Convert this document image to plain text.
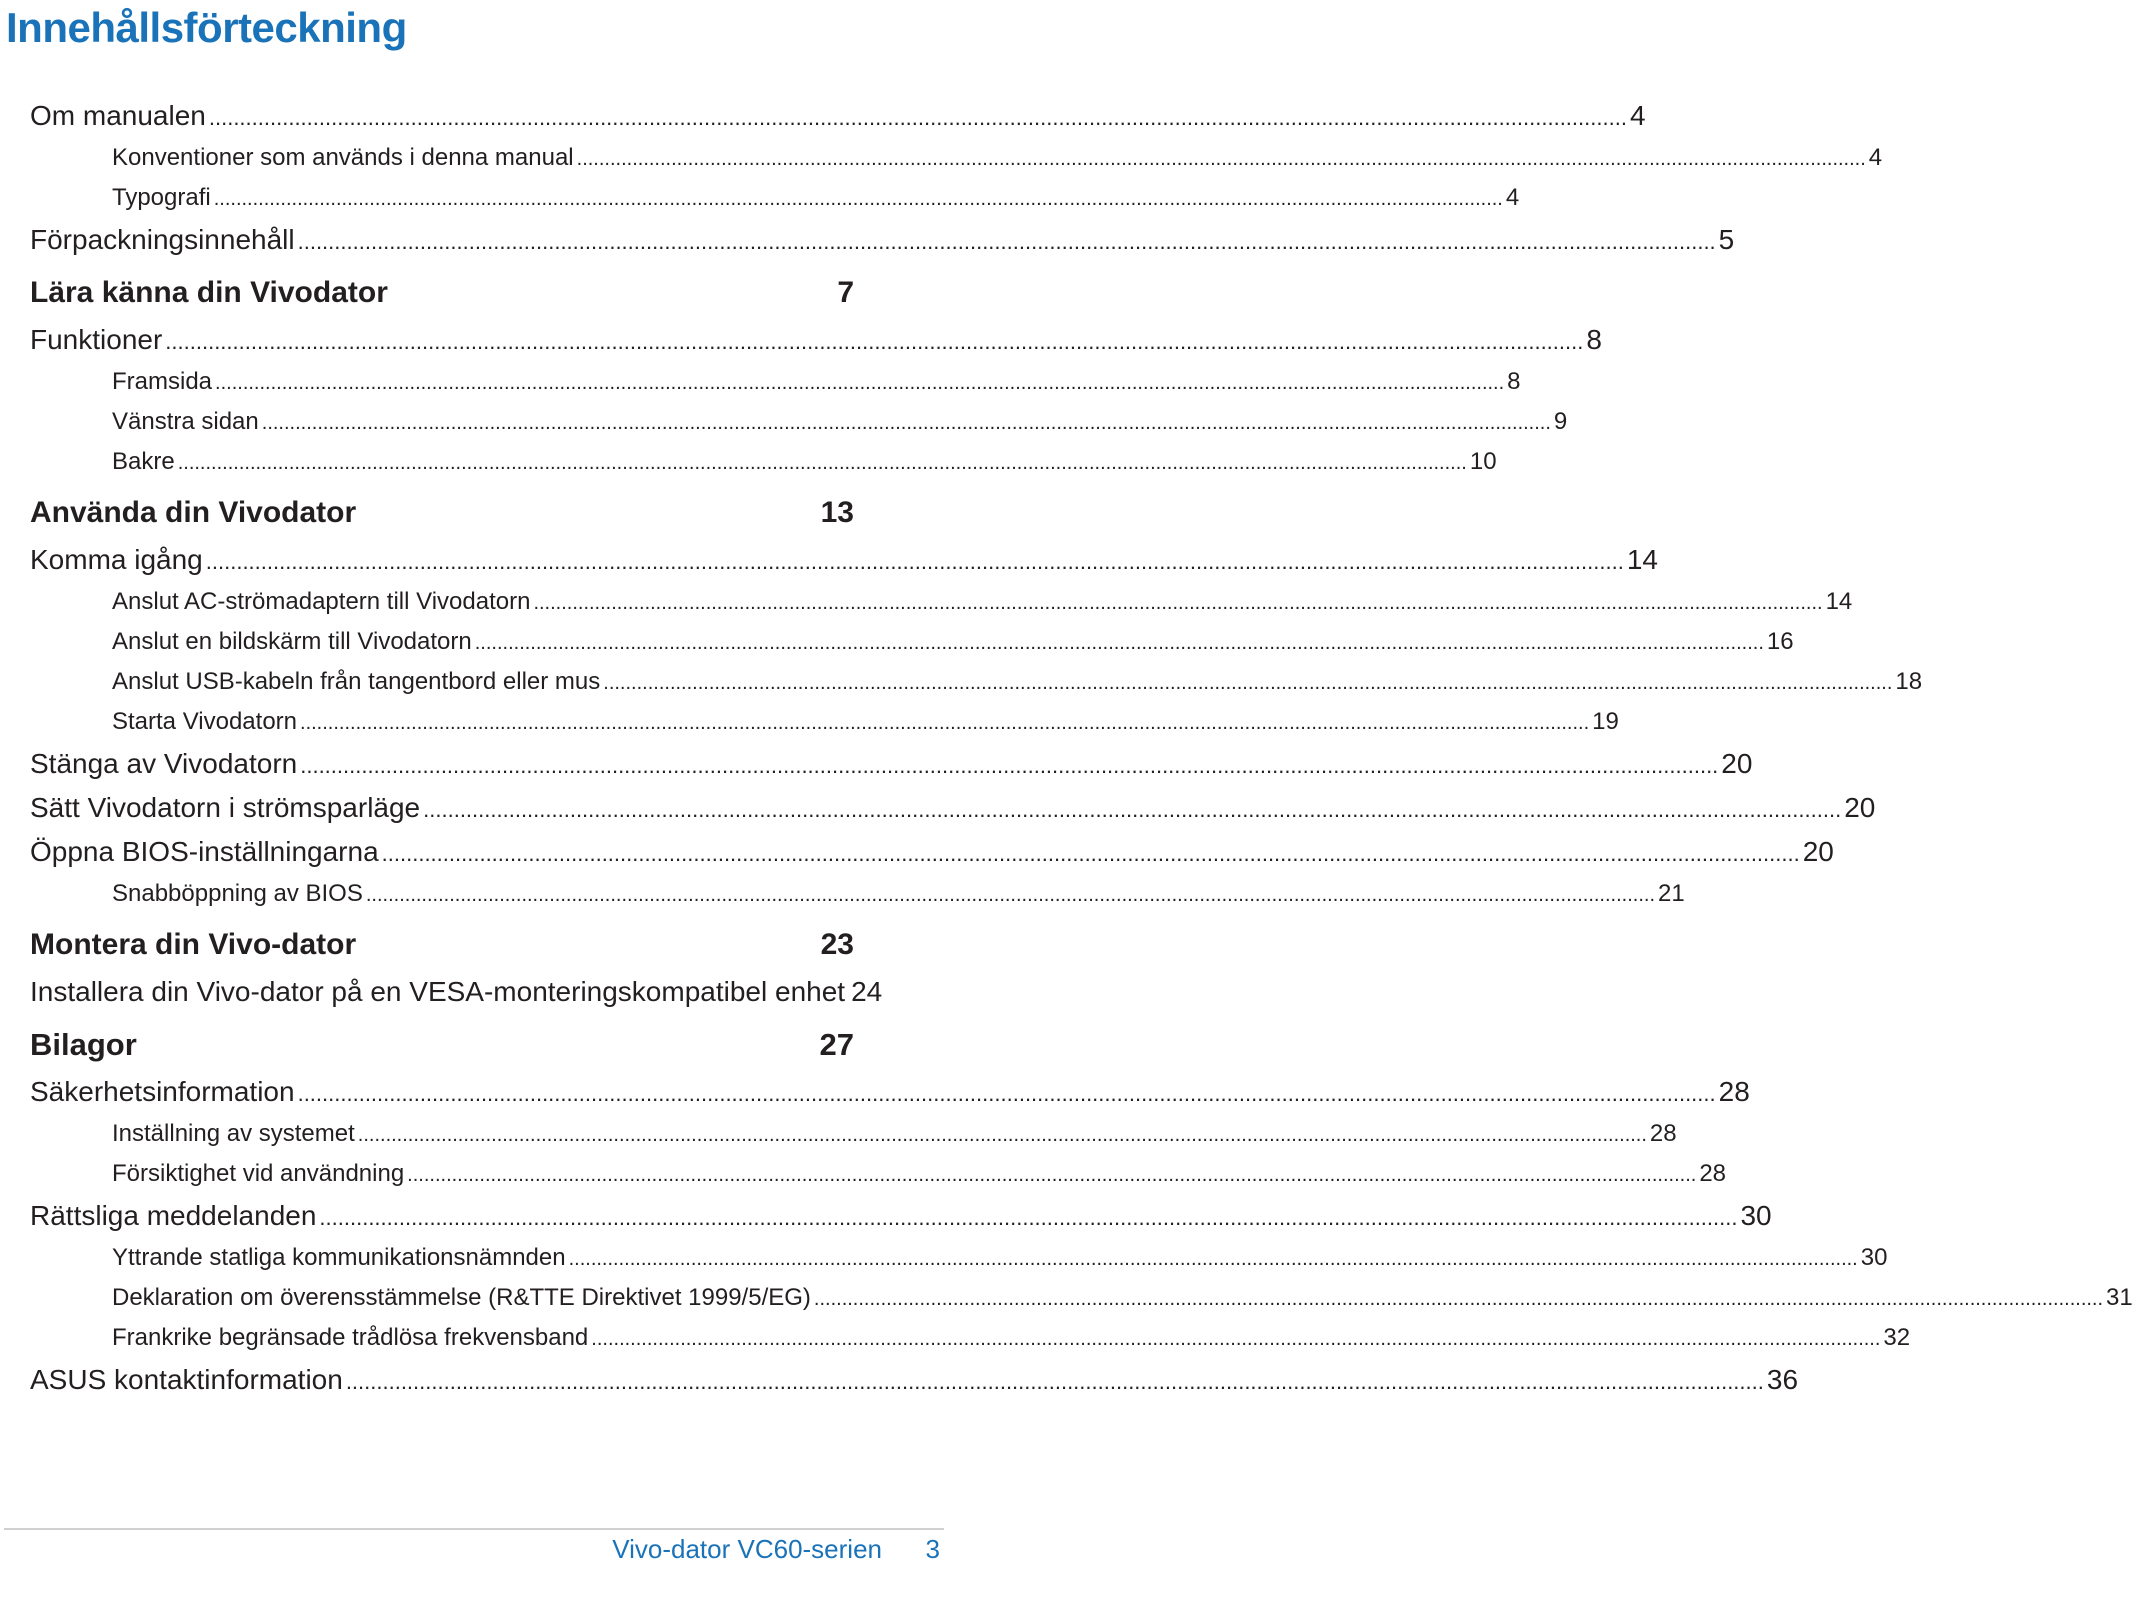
Innehållsförteckning
Om manualen .....	4
Konventioner som används i denna manual .....	4
Typografi .....	4
Förpackningsinnehåll .....	5
Lära känna din Vivodator	7
Funktioner .....	8
Framsida .....	8
Vänstra sidan .....	9
Bakre .....	10
Använda din Vivodator	13
Komma igång .....	14
Anslut AC-strömadaptern till Vivodatorn .....	14
Anslut en bildskärm till Vivodatorn .....	16
Anslut USB-kabeln från tangentbord eller mus .....	18
Starta Vivodatorn .....	19
Stänga av Vivodatorn .....	20
Sätt Vivodatorn i strömsparläge .....	20
Öppna BIOS-inställningarna .....	20
Snabböppning av BIOS .....	21
Montera din Vivo-dator	23
Installera din Vivo-dator på en VESA-monteringskompatibel enhet 24
Bilagor	27
Säkerhetsinformation .....	28
Inställning av systemet .....	28
Försiktighet vid användning .....	28
Rättsliga meddelanden .....	30
Yttrande statliga kommunikationsnämnden .....	30
Deklaration om överensstämmelse (R&TTE Direktivet 1999/5/EG) .....	31
Frankrike begränsade trådlösa frekvensband .....	32
ASUS kontaktinformation .....	36
Vivo-dator VC60-serien 3
